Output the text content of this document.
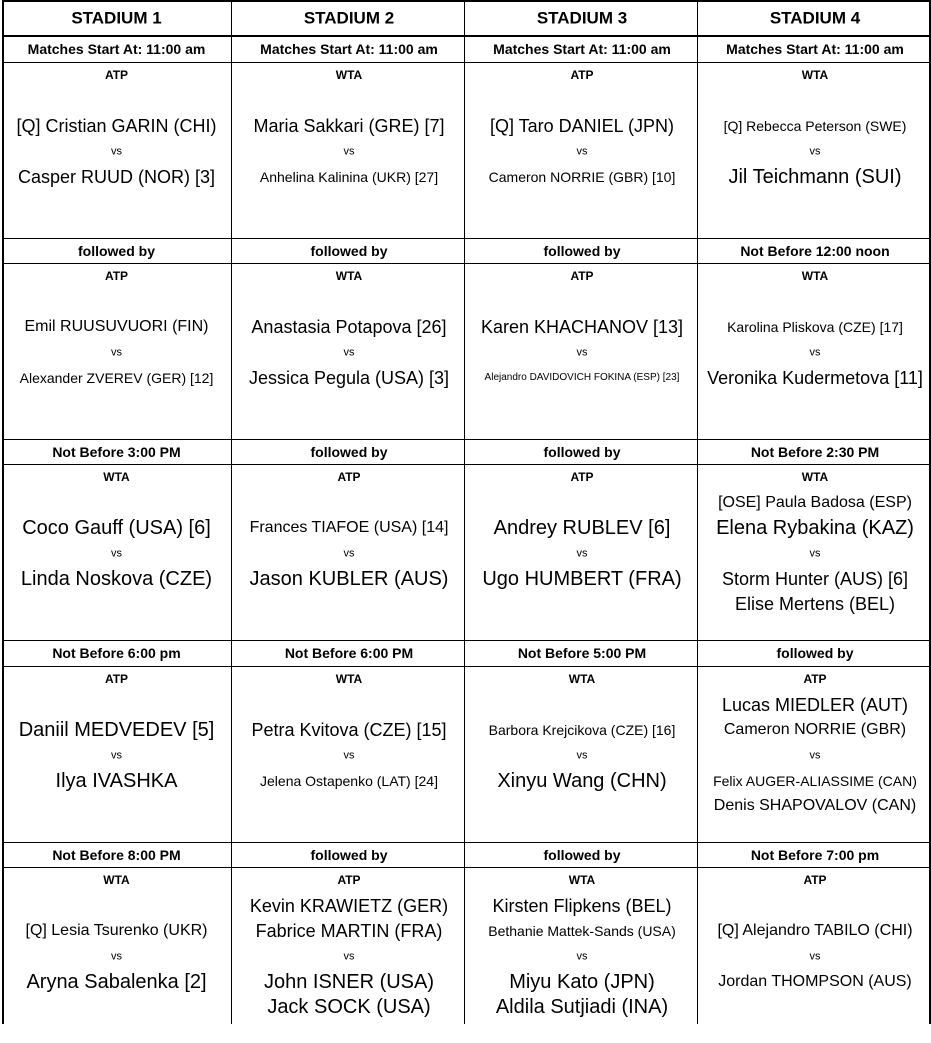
STADIUM 1
Matches Start At: 11:00 am
ATP
[Q] Cristian GARIN (CHI)
vs
Casper RUUD (NOR) [3]
followed by
ATP
Emil RUUSUVUORI (FIN)
vs
Alexander ZVEREV (GER) [12]
Not Before 3:00 PM
WTA
Coco Gauff (USA) [6]
vs
Linda Noskova (CZE)
Not Before 6:00 pm
ATP
Daniil MEDVEDEV [5]
vs
Ilya IVASHKA
Not Before 8:00 PM
WTA
[Q] Lesia Tsurenko (UKR)
vs
Aryna Sabalenka [2]
STADIUM 2
Matches Start At: 11:00 am
WTA
Maria Sakkari (GRE) [7]
vs
Anhelina Kalinina (UKR) [27]
followed by
WTA
Anastasia Potapova [26]
vs
Jessica Pegula (USA) [3]
followed by
ATP
Frances TIAFOE (USA) [14]
vs
Jason KUBLER (AUS)
Not Before 6:00 PM
WTA
Petra Kvitova (CZE) [15]
vs
Jelena Ostapenko (LAT) [24]
followed by
ATP
Kevin KRAWIETZ (GER)
Fabrice MARTIN (FRA)
vs
John ISNER (USA)
Jack SOCK (USA)
STADIUM 3
Matches Start At: 11:00 am
ATP
[Q] Taro DANIEL (JPN)
vs
Cameron NORRIE (GBR) [10]
followed by
ATP
Karen KHACHANOV [13]
vs
Alejandro DAVIDOVICH FOKINA (ESP) [23]
followed by
ATP
Andrey RUBLEV [6]
vs
Ugo HUMBERT (FRA)
Not Before 5:00 PM
WTA
Barbora Krejcikova (CZE) [16]
vs
Xinyu Wang (CHN)
followed by
WTA
Kirsten Flipkens (BEL)
Bethanie Mattek-Sands (USA)
vs
Miyu Kato (JPN)
Aldila Sutjiadi (INA)
STADIUM 4
Matches Start At: 11:00 am
WTA
[Q] Rebecca Peterson (SWE)
vs
Jil Teichmann (SUI)
Not Before 12:00 noon
WTA
Karolina Pliskova (CZE) [17]
vs
Veronika Kudermetova [11]
Not Before 2:30 PM
WTA
[OSE] Paula Badosa (ESP)
Elena Rybakina (KAZ)
vs
Storm Hunter (AUS) [6]
Elise Mertens (BEL)
followed by
ATP
Lucas MIEDLER (AUT)
Cameron NORRIE (GBR)
vs
Felix AUGER-ALIASSIME (CAN)
Denis SHAPOVALOV (CAN)
Not Before 7:00 pm
ATP
[Q] Alejandro TABILO (CHI)
vs
Jordan THOMPSON (AUS)
